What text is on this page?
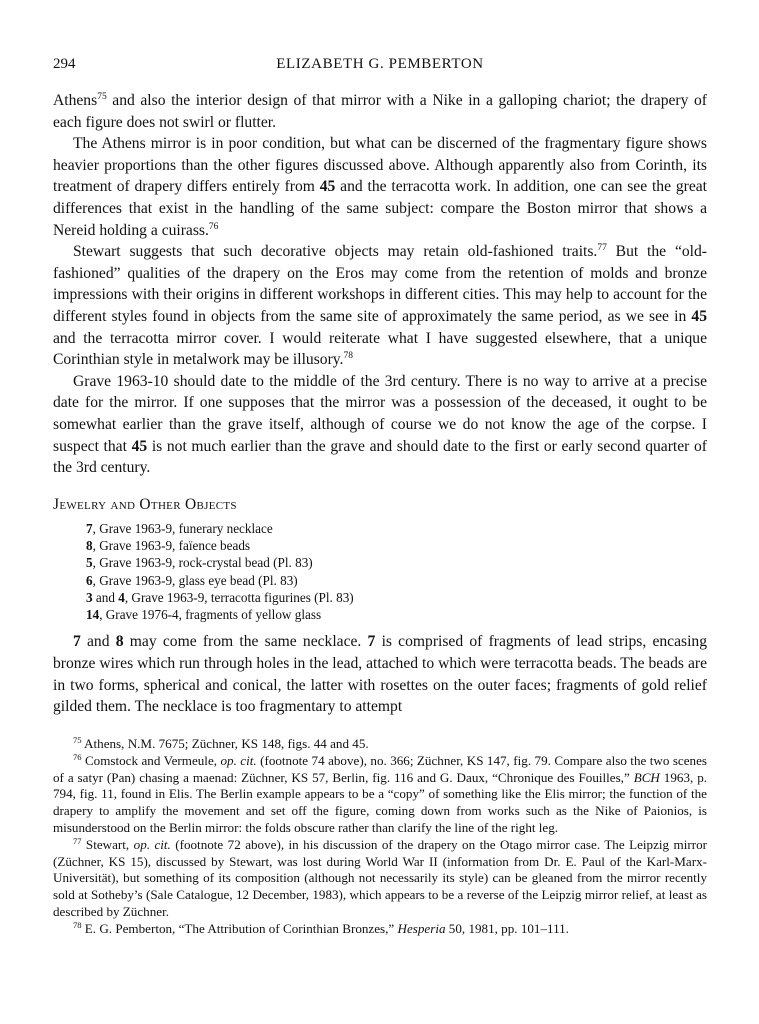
294	ELIZABETH G. PEMBERTON

Athens$^{75}$ and also the interior design of that mirror with a Nike in a galloping chariot; the drapery of each figure does not swirl or flutter.

The Athens mirror is in poor condition, but what can be discerned of the fragmentary figure shows heavier proportions than the other figures discussed above. Although apparently also from Corinth, its treatment of drapery differs entirely from 45 and the terracotta work. In addition, one can see the great differences that exist in the handling of the same subject: compare the Boston mirror that shows a Nereid holding a cuirass.$^{76}$

Stewart suggests that such decorative objects may retain old-fashioned traits.$^{77}$ But the “old-fashioned” qualities of the drapery on the Eros may come from the retention of molds and bronze impressions with their origins in different workshops in different cities. This may help to account for the different styles found in objects from the same site of approximately the same period, as we see in 45 and the terracotta mirror cover. I would reiterate what I have suggested elsewhere, that a unique Corinthian style in metalwork may be illusory.$^{78}$

Grave 1963-10 should date to the middle of the 3rd century. There is no way to arrive at a precise date for the mirror. If one supposes that the mirror was a possession of the deceased, it ought to be somewhat earlier than the grave itself, although of course we do not know the age of the corpse. I suspect that 45 is not much earlier than the grave and should date to the first or early second quarter of the 3rd century.

Jewelry and Other Objects
7, Grave 1963-9, funerary necklace
8, Grave 1963-9, faïence beads
5, Grave 1963-9, rock-crystal bead (Pl. 83)
6, Grave 1963-9, glass eye bead (Pl. 83)
3 and 4, Grave 1963-9, terracotta figurines (Pl. 83)
14, Grave 1976-4, fragments of yellow glass

7 and 8 may come from the same necklace. 7 is comprised of fragments of lead strips, encasing bronze wires which run through holes in the lead, attached to which were terracotta beads. The beads are in two forms, spherical and conical, the latter with rosettes on the outer faces; fragments of gold relief gilded them. The necklace is too fragmentary to attempt

$^{75}$ Athens, N.M. 7675; Züchner, KS 148, figs. 44 and 45.

$^{76}$ Comstock and Vermeule, op. cit. (footnote 74 above), no. 366; Züchner, KS 147, fig. 79. Compare also the two scenes of a satyr (Pan) chasing a maenad: Züchner, KS 57, Berlin, fig. 116 and G. Daux, “Chronique des Fouilles,” BCH 1963, p. 794, fig. 11, found in Elis. The Berlin example appears to be a “copy” of something like the Elis mirror; the function of the drapery to amplify the movement and set off the figure, coming down from works such as the Nike of Paionios, is misunderstood on the Berlin mirror: the folds obscure rather than clarify the line of the right leg.

$^{77}$ Stewart, op. cit. (footnote 72 above), in his discussion of the drapery on the Otago mirror case. The Leipzig mirror (Züchner, KS 15), discussed by Stewart, was lost during World War II (information from Dr. E. Paul of the Karl-Marx-Universität), but something of its composition (although not necessarily its style) can be gleaned from the mirror recently sold at Sotheby’s (Sale Catalogue, 12 December, 1983), which appears to be a reverse of the Leipzig mirror relief, at least as described by Züchner.

$^{78}$ E. G. Pemberton, “The Attribution of Corinthian Bronzes,” Hesperia 50, 1981, pp. 101–111.
